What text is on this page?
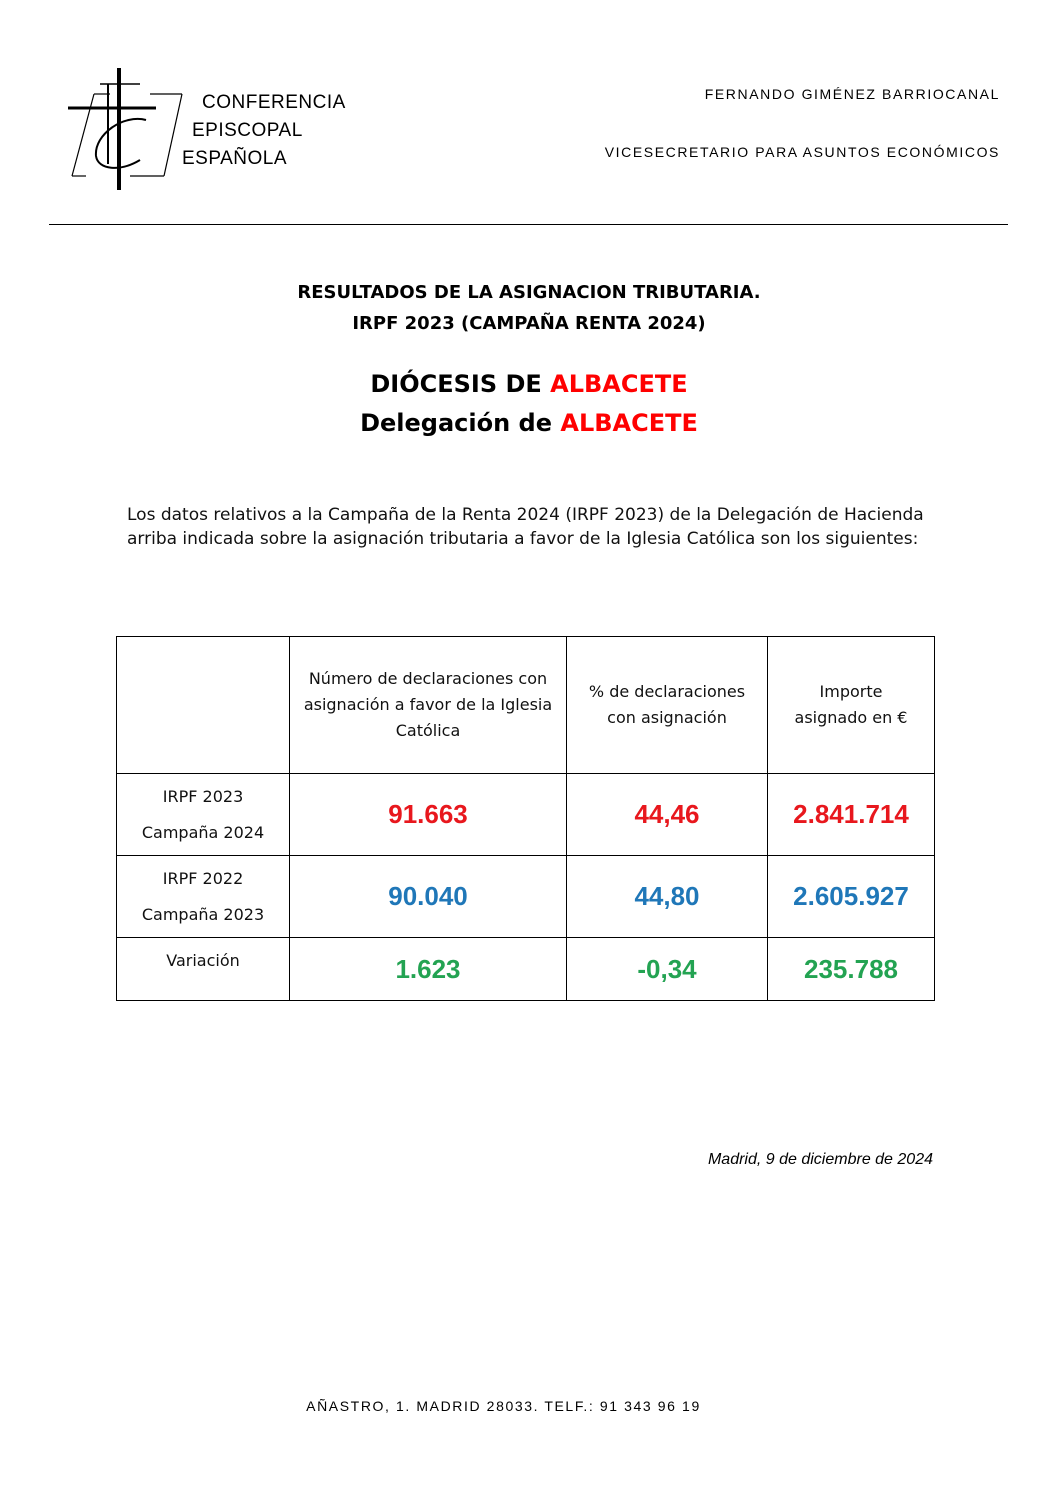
CONFERENCIA
EPISCOPAL
ESPAÑOLA
FERNANDO GIMÉNEZ BARRIOCANAL
VICESECRETARIO PARA ASUNTOS ECONÓMICOS
RESULTADOS DE LA ASIGNACION TRIBUTARIA.
IRPF 2023 (CAMPAÑA RENTA 2024)
DIÓCESIS DE ALBACETE
Delegación de ALBACETE
Los datos relativos a la Campaña de la Renta 2024 (IRPF 2023) de la Delegación de Hacienda arriba indicada sobre la asignación tributaria a favor de la Iglesia Católica son los siguientes:

	Número de declaraciones con asignación a favor de la Iglesia Católica	% de declaraciones con asignación	Importe asignado en €

IRPF 2023
Campaña 2024	91.663	44,46	2.841.714

IRPF 2022
Campaña 2023	90.040	44,80	2.605.927

Variación	1.623	-0,34	235.788
Madrid, 9 de diciembre de 2024
AÑASTRO, 1. MADRID 28033. TELF.: 91 343 96 19
